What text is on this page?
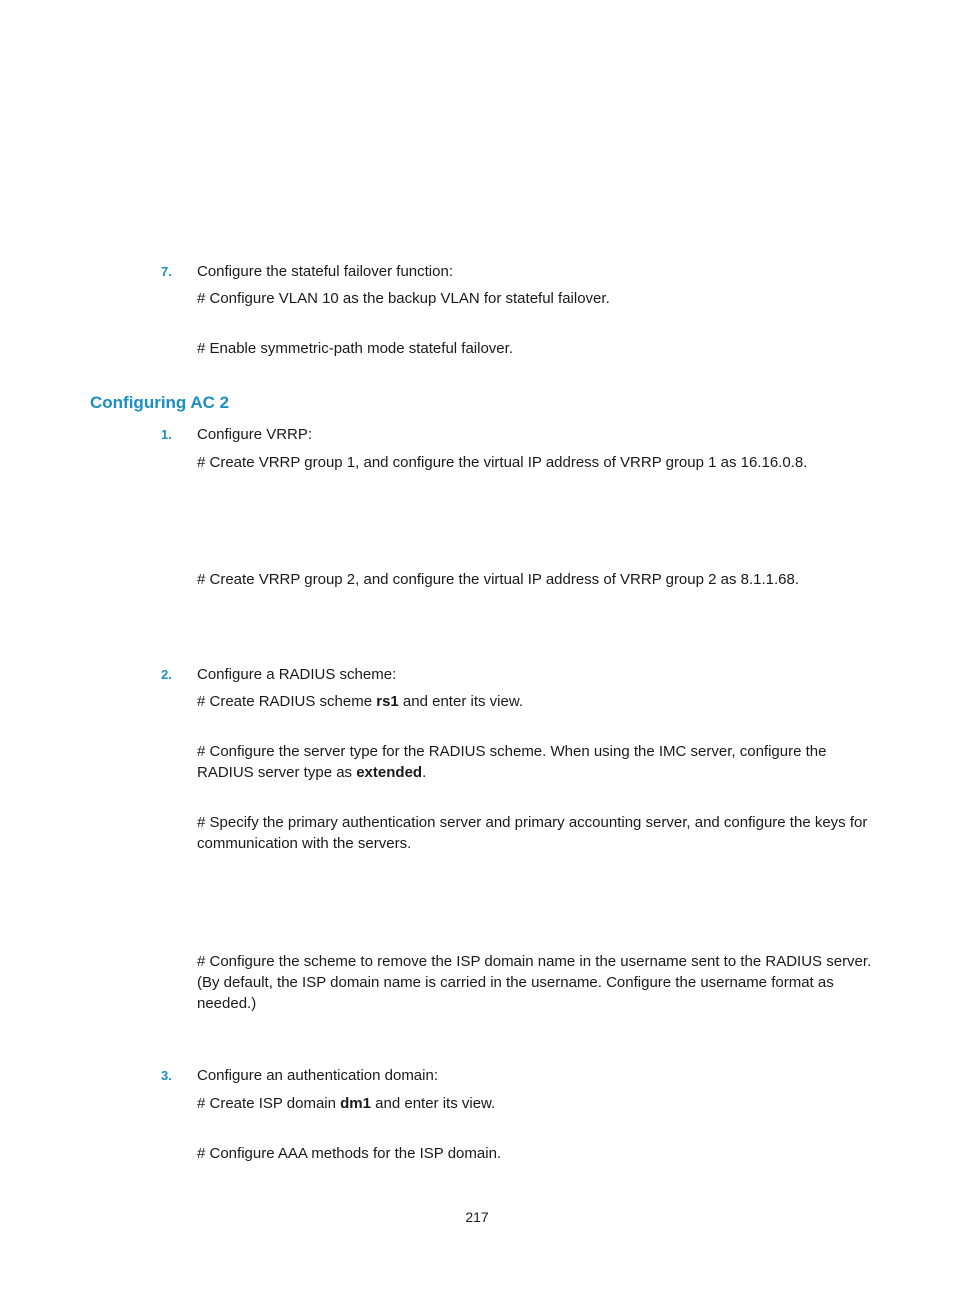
7. Configure the stateful failover function:
# Configure VLAN 10 as the backup VLAN for stateful failover.
# Enable symmetric-path mode stateful failover.
Configuring AC 2
1. Configure VRRP:
# Create VRRP group 1, and configure the virtual IP address of VRRP group 1 as 16.16.0.8.
# Create VRRP group 2, and configure the virtual IP address of VRRP group 2 as 8.1.1.68.
2. Configure a RADIUS scheme:
# Create RADIUS scheme rs1 and enter its view.
# Configure the server type for the RADIUS scheme. When using the IMC server, configure the RADIUS server type as extended.
# Specify the primary authentication server and primary accounting server, and configure the keys for communication with the servers.
# Configure the scheme to remove the ISP domain name in the username sent to the RADIUS server. (By default, the ISP domain name is carried in the username. Configure the username format as needed.)
3. Configure an authentication domain:
# Create ISP domain dm1 and enter its view.
# Configure AAA methods for the ISP domain.
217
